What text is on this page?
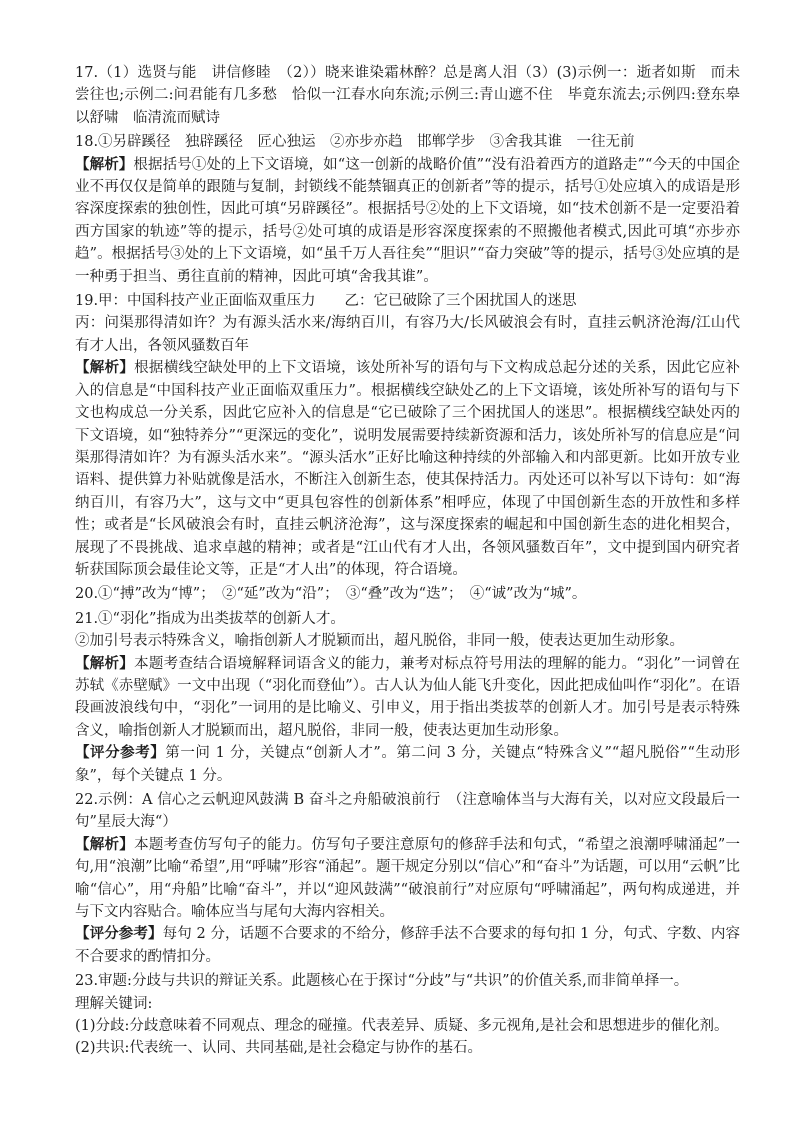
17.（1）选贤与能　讲信修睦　（2））晓来谁染霜林醉？总是离人泪（3）(3)示例一：逝者如斯　而未尝往也;示例二:问君能有几多愁　恰似一江春水向东流;示例三:青山遮不住　毕竟东流去;示例四:登东皋以舒啸　临清流而赋诗

18.①另辟蹊径　独辟蹊径　匠心独运　②亦步亦趋　邯郸学步　③舍我其谁　一往无前

【解析】根据括号①处的上下文语境，如“这一创新的战略价值”“没有沿着西方的道路走”“今天的中国企业不再仅仅是简单的跟随与复制，封锁线不能禁锢真正的创新者”等的提示，括号①处应填入的成语是形容深度探索的独创性，因此可填“另辟蹊径”。根据括号②处的上下文语境，如“技术创新不是一定要沿着西方国家的轨迹”等的提示，括号②处可填的成语是形容深度探索的不照搬他者模式,因此可填“亦步亦趋”。根据括号③处的上下文语境，如“虽千万人吾往矣”“胆识”“奋力突破”等的提示，括号③处应填的是一种勇于担当、勇往直前的精神，因此可填“舍我其谁”。

19.甲：中国科技产业正面临双重压力　　乙：它已破除了三个困扰国人的迷思

丙：问渠那得清如许？为有源头活水来/海纳百川，有容乃大/长风破浪会有时，直挂云帆济沧海/江山代有才人出，各领风骚数百年

【解析】根据横线空缺处甲的上下文语境，该处所补写的语句与下文构成总起分述的关系，因此它应补入的信息是“中国科技产业正面临双重压力”。根据横线空缺处乙的上下文语境，该处所补写的语句与下文也构成总一分关系，因此它应补入的信息是“它已破除了三个困扰国人的迷思”。根据横线空缺处丙的下文语境，如“独特养分”“更深远的变化”，说明发展需要持续新资源和活力，该处所补写的信息应是“问渠那得清如许？为有源头活水来”。“源头活水”正好比喻这种持续的外部输入和内部更新。比如开放专业语料、提供算力补贴就像是活水，不断注入创新生态，使其保持活力。丙处还可以补写以下诗句：如“海纳百川，有容乃大”，这与文中“更具包容性的创新体系”相呼应，体现了中国创新生态的开放性和多样性；或者是“长风破浪会有时，直挂云帆济沧海”，这与深度探索的崛起和中国创新生态的进化相契合，展现了不畏挑战、追求卓越的精神；或者是“江山代有才人出，各领风骚数百年”，文中提到国内研究者斩获国际顶会最佳论文等，正是“才人出”的体现，符合语境。

20.①“搏”改为“博”；　②“延”改为“沿”；　③“叠”改为“迭”；　④“诚”改为“城”。

21.①“羽化”指成为出类拔萃的创新人才。

②加引号表示特殊含义，喻指创新人才脱颖而出，超凡脱俗，非同一般，使表达更加生动形象。

【解析】本题考查结合语境解释词语含义的能力，兼考对标点符号用法的理解的能力。“羽化”一词曾在苏轼《赤壁赋》一文中出现（“羽化而登仙”）。古人认为仙人能飞升变化，因此把成仙叫作“羽化”。在语段画波浪线句中，“羽化”一词用的是比喻义、引申义，用于指出类拔萃的创新人才。加引号是表示特殊含义，喻指创新人才脱颖而出，超凡脱俗，非同一般，使表达更加生动形象。

【评分参考】第一问 1 分，关键点“创新人才”。第二问 3 分，关键点“特殊含义”“超凡脱俗”“生动形象”，每个关键点 1 分。

22.示例：A 信心之云帆迎风鼓满 B 奋斗之舟船破浪前行　（注意喻体当与大海有关，以对应文段最后一句”星辰大海“）

【解析】本题考查仿写句子的能力。仿写句子要注意原句的修辞手法和句式，“希望之浪潮呼啸涌起”一句,用“浪潮”比喻“希望”,用“呼啸”形容“涌起”。题干规定分别以“信心”和“奋斗”为话题，可以用“云帆”比喻“信心”，用“舟船”比喻“奋斗”，并以“迎风鼓满”“破浪前行”对应原句“呼啸涌起”，两句构成递进，并与下文内容贴合。喻体应当与尾句大海内容相关。

【评分参考】每句 2 分，话题不合要求的不给分，修辞手法不合要求的每句扣 1 分，句式、字数、内容不合要求的酌情扣分。

23.审题:分歧与共识的辩证关系。此题核心在于探讨“分歧”与“共识”的价值关系,而非简单择一。

理解关键词:

(1)分歧:分歧意味着不同观点、理念的碰撞。代表差异、质疑、多元视角,是社会和思想进步的催化剂。

(2)共识:代表统一、认同、共同基础,是社会稳定与协作的基石。
